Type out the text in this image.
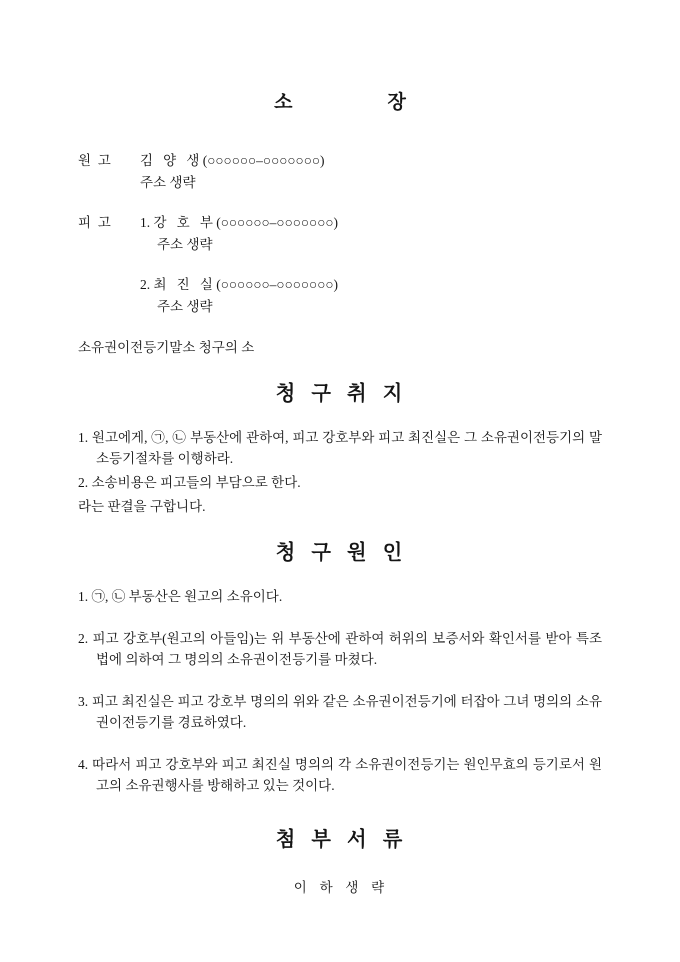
소장
원  고	김   양   생 (○○○○○○–○○○○○○○)
주소 생략
피  고	1. 강   호   부 (○○○○○○–○○○○○○○)
주소 생략
2. 최   진   실 (○○○○○○–○○○○○○○)
주소 생략

소유권이전등기말소 청구의 소

청  구  취  지

1. 원고에게, ㉠, ㉡ 부동산에 관하여, 피고 강호부와 피고 최진실은 그 소유권이전등기의 말소등기절차를 이행하라.

2. 소송비용은 피고들의 부담으로 한다.

라는 판결을 구합니다.

청  구  원  인

1. ㉠, ㉡ 부동산은 원고의 소유이다.

2. 피고 강호부(원고의 아들임)는 위 부동산에 관하여 허위의 보증서와 확인서를 받아 특조법에 의하여 그 명의의 소유권이전등기를 마쳤다.

3. 피고 최진실은 피고 강호부 명의의 위와 같은 소유권이전등기에 터잡아 그녀 명의의 소유권이전등기를 경료하였다.

4. 따라서 피고 강호부와 피고 최진실 명의의 각 소유권이전등기는 원인무효의 등기로서 원고의 소유권행사를 방해하고 있는 것이다.

첨  부  서  류

이  하  생  략
